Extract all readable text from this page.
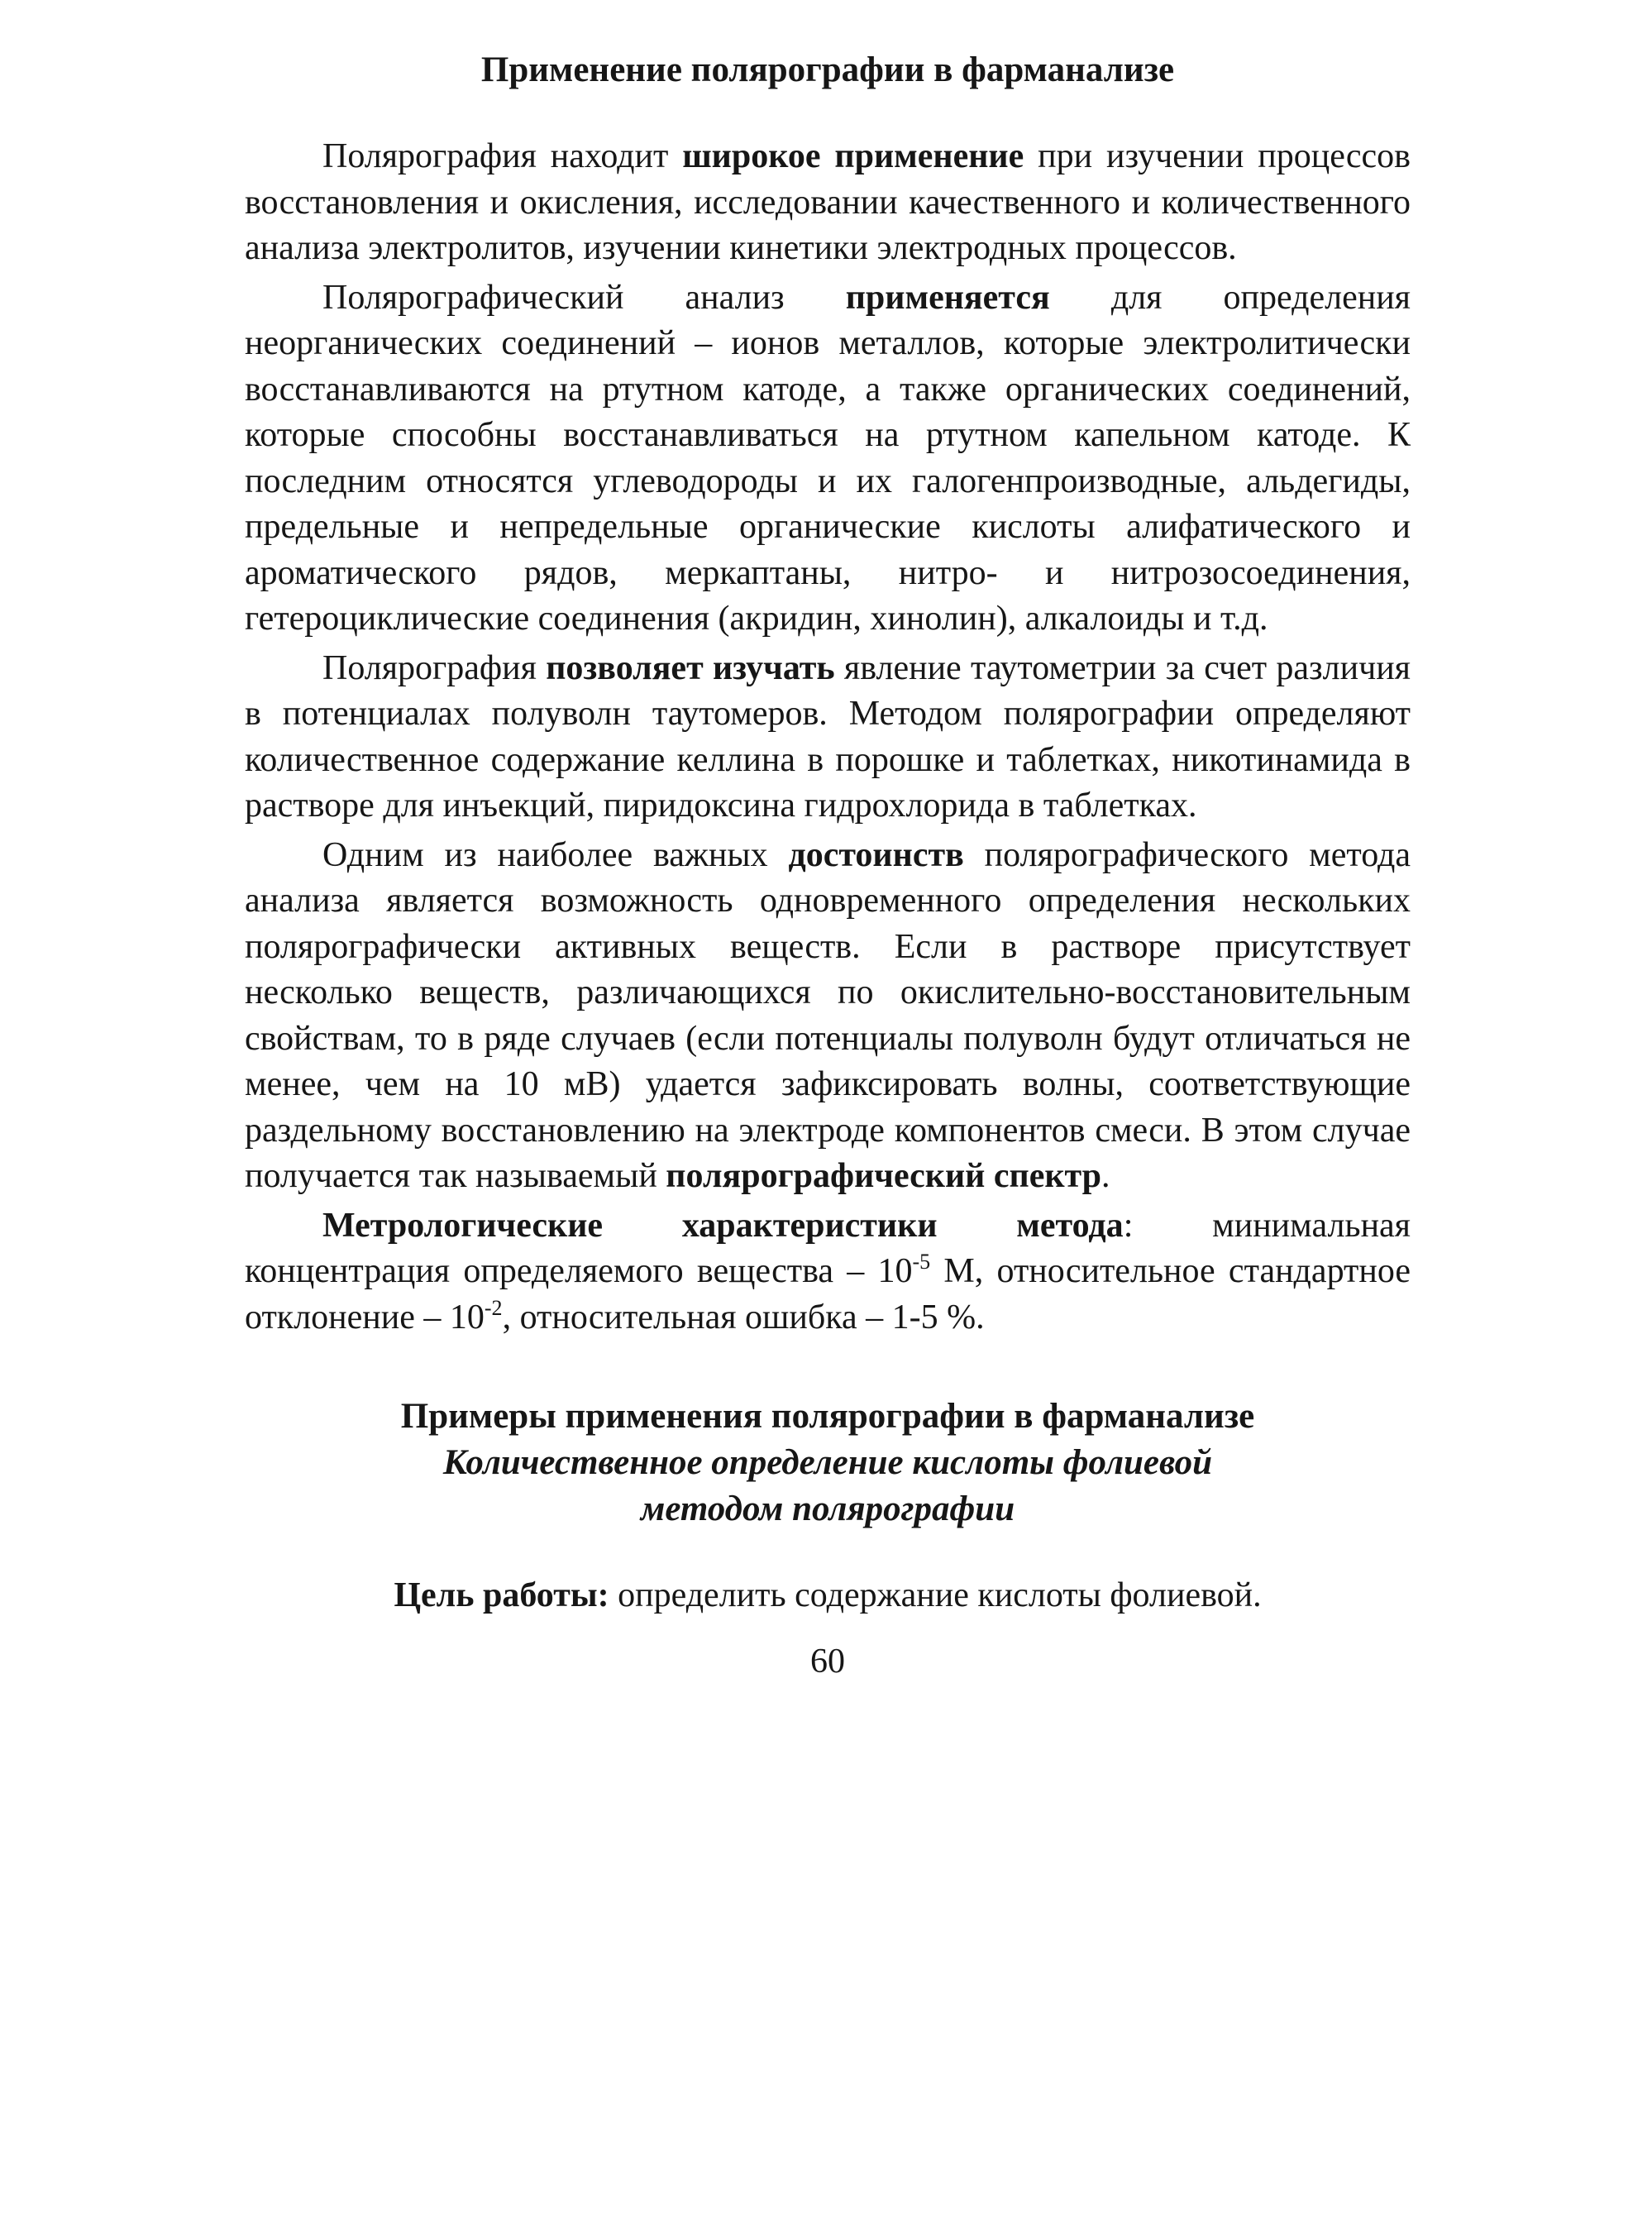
Применение полярографии в фарманализе

Полярография находит широкое применение при изучении процессов восстановления и окисления, исследовании качественного и количественного анализа электролитов, изучении кинетики электродных процессов.

Полярографический анализ применяется для определения неорганических соединений – ионов металлов, которые электролитически восстанавливаются на ртутном катоде, а также органических соединений, которые способны восстанавливаться на ртутном капельном катоде. К последним относятся углеводороды и их галогенпроизводные, альдегиды, предельные и непредельные органические кислоты алифатического и ароматического рядов, меркаптаны, нитро- и нитрозосоединения, гетероциклические соединения (акридин, хинолин), алкалоиды и т.д.

Полярография позволяет изучать явление таутометрии за счет различия в потенциалах полуволн таутомеров. Методом полярографии определяют количественное содержание келлина в порошке и таблетках, никотинамида в растворе для инъекций, пиридоксина гидрохлорида в таблетках.

Одним из наиболее важных достоинств полярографического метода анализа является возможность одновременного определения нескольких полярографически активных веществ. Если в растворе присутствует несколько веществ, различающихся по окислительно-восстановительным свойствам, то в ряде случаев (если потенциалы полуволн будут отличаться не менее, чем на 10 мВ) удается зафиксировать волны, соответствующие раздельному восстановлению на электроде компонентов смеси. В этом случае получается так называемый полярографический спектр.

Метрологические характеристики метода: минимальная концентрация определяемого вещества – $10^{-5}$ М, относительное стандартное отклонение – $10^{-2}$, относительная ошибка – 1-5 %.

Примеры применения полярографии в фарманализе
Количественное определение кислоты фолиевой
методом полярографии
Цель работы: определить содержание кислоты фолиевой.
60
